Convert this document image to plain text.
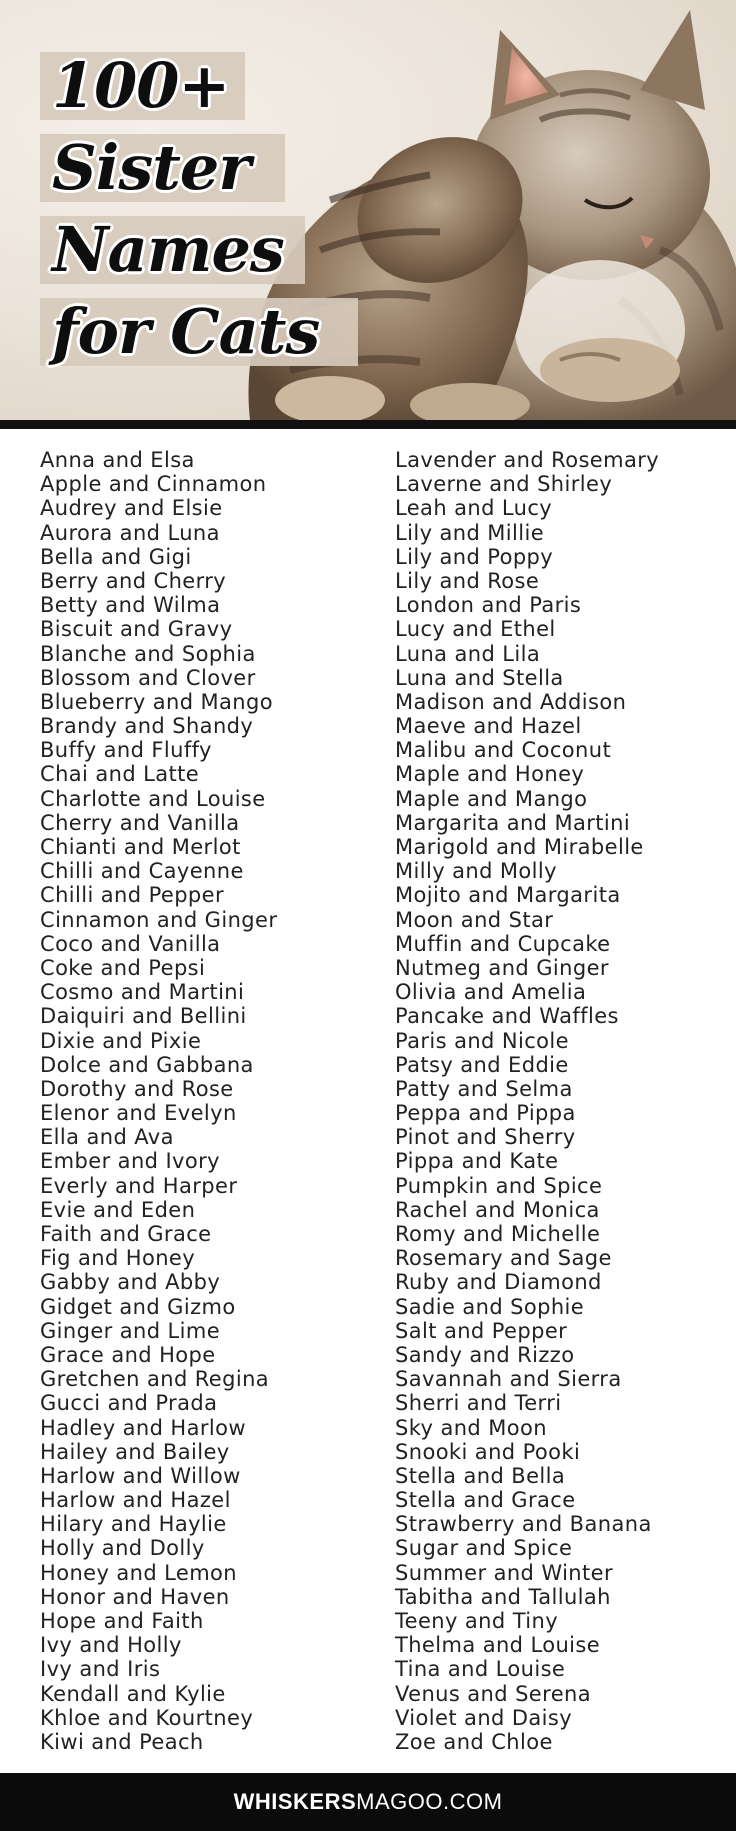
100+
Sister
Names
for Cats
Anna and Elsa
Apple and Cinnamon
Audrey and Elsie
Aurora and Luna
Bella and Gigi
Berry and Cherry
Betty and Wilma
Biscuit and Gravy
Blanche and Sophia
Blossom and Clover
Blueberry and Mango
Brandy and Shandy
Buffy and Fluffy
Chai and Latte
Charlotte and Louise
Cherry and Vanilla
Chianti and Merlot
Chilli and Cayenne
Chilli and Pepper
Cinnamon and Ginger
Coco and Vanilla
Coke and Pepsi
Cosmo and Martini
Daiquiri and Bellini
Dixie and Pixie
Dolce and Gabbana
Dorothy and Rose
Elenor and Evelyn
Ella and Ava
Ember and Ivory
Everly and Harper
Evie and Eden
Faith and Grace
Fig and Honey
Gabby and Abby
Gidget and Gizmo
Ginger and Lime
Grace and Hope
Gretchen and Regina
Gucci and Prada
Hadley and Harlow
Hailey and Bailey
Harlow and Willow
Harlow and Hazel
Hilary and Haylie
Holly and Dolly
Honey and Lemon
Honor and Haven
Hope and Faith
Ivy and Holly
Ivy and Iris
Kendall and Kylie
Khloe and Kourtney
Kiwi and Peach
Lavender and Rosemary
Laverne and Shirley
Leah and Lucy
Lily and Millie
Lily and Poppy
Lily and Rose
London and Paris
Lucy and Ethel
Luna and Lila
Luna and Stella
Madison and Addison
Maeve and Hazel
Malibu and Coconut
Maple and Honey
Maple and Mango
Margarita and Martini
Marigold and Mirabelle
Milly and Molly
Mojito and Margarita
Moon and Star
Muffin and Cupcake
Nutmeg and Ginger
Olivia and Amelia
Pancake and Waffles
Paris and Nicole
Patsy and Eddie
Patty and Selma
Peppa and Pippa
Pinot and Sherry
Pippa and Kate
Pumpkin and Spice
Rachel and Monica
Romy and Michelle
Rosemary and Sage
Ruby and Diamond
Sadie and Sophie
Salt and Pepper
Sandy and Rizzo
Savannah and Sierra
Sherri and Terri
Sky and Moon
Snooki and Pooki
Stella and Bella
Stella and Grace
Strawberry and Banana
Sugar and Spice
Summer and Winter
Tabitha and Tallulah
Teeny and Tiny
Thelma and Louise
Tina and Louise
Venus and Serena
Violet and Daisy
Zoe and Chloe
WHISKERSMAGOO.COM
